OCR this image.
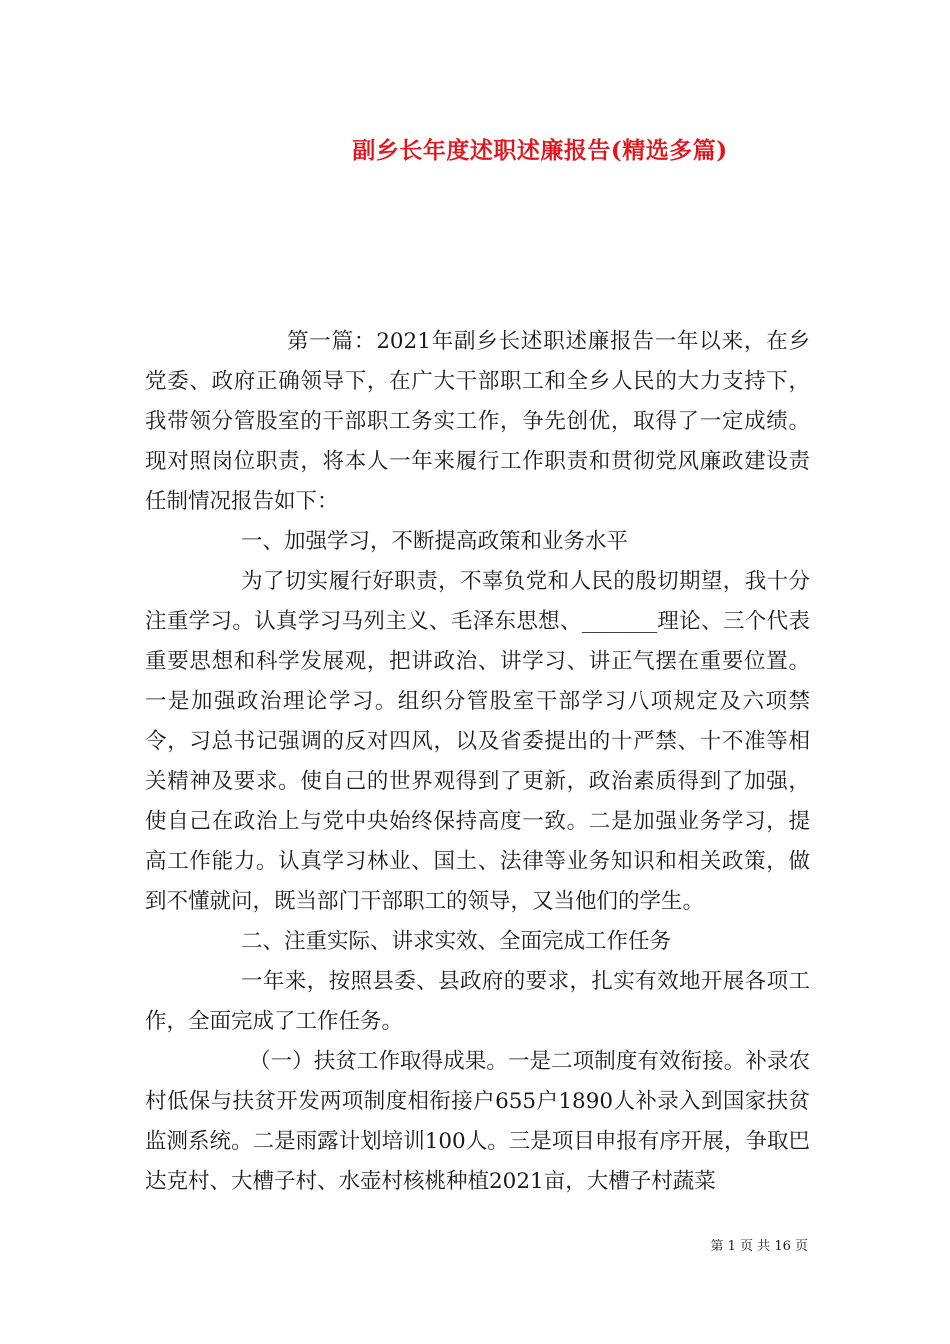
副乡长年度述职述廉报告(精选多篇)

第一篇：2021年副乡长述职述廉报告一年以来，在乡党委、政府正确领导下，在广大干部职工和全乡人民的大力支持下，我带领分管股室的干部职工务实工作，争先创优，取得了一定成绩。现对照岗位职责，将本人一年来履行工作职责和贯彻党风廉政建设责任制情况报告如下：

一、加强学习，不断提高政策和业务水平

为了切实履行好职责，不辜负党和人民的殷切期望，我十分注重学习。认真学习马列主义、毛泽东思想、_______理论、三个代表重要思想和科学发展观，把讲政治、讲学习、讲正气摆在重要位置。一是加强政治理论学习。组织分管股室干部学习八项规定及六项禁令，习总书记强调的反对四风，以及省委提出的十严禁、十不准等相关精神及要求。使自己的世界观得到了更新，政治素质得到了加强，使自己在政治上与党中央始终保持高度一致。二是加强业务学习，提高工作能力。认真学习林业、国土、法律等业务知识和相关政策，做到不懂就问，既当部门干部职工的领导，又当他们的学生。

二、注重实际、讲求实效、全面完成工作任务

一年来，按照县委、县政府的要求，扎实有效地开展各项工作，全面完成了工作任务。

（一）扶贫工作取得成果。一是二项制度有效衔接。补录农村低保与扶贫开发两项制度相衔接户655户1890人补录入到国家扶贫监测系统。二是雨露计划培训100人。三是项目申报有序开展，争取巴达克村、大槽子村、水壶村核桃种植2021亩，大槽子村蔬菜

第 1 页 共 16 页
